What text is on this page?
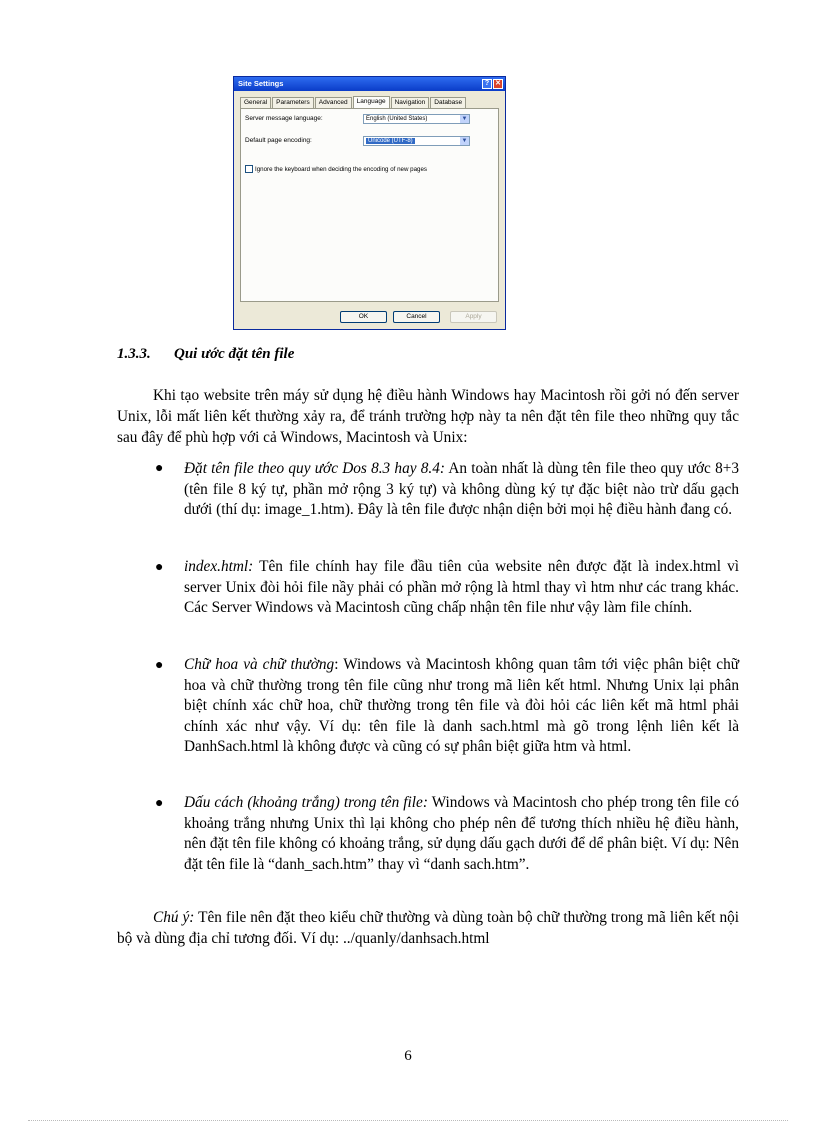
Site Settings	? ✕
General	Parameters	Advanced	Language	Navigation	Database
Server message language:	English (United States)	▼
Default page encoding:	Unicode (UTF-8)	▼
Ignore the keyboard when deciding the encoding of new pages
OK	Cancel	Apply
1.3.3. Qui ước đặt tên file

Khi tạo website trên máy sử dụng hệ điều hành Windows hay Macintosh rồi gởi nó đến server Unix, lỗi mất liên kết thường xảy ra, để tránh trường hợp này ta nên đặt tên file theo những quy tắc sau đây để phù hợp với cả Windows, Macintosh và Unix:

● Đặt tên file theo quy ước Dos 8.3 hay 8.4: An toàn nhất là dùng tên file theo quy ước 8+3 (tên file 8 ký tự, phần mở rộng 3 ký tự) và không dùng ký tự đặc biệt nào trừ dấu gạch dưới (thí dụ: image_1.htm). Đây là tên file được nhận diện bởi mọi hệ điều hành đang có.

● index.html: Tên file chính hay file đầu tiên của website nên được đặt là index.html vì server Unix đòi hỏi file nầy phải có phần mở rộng là html thay vì htm như các trang khác. Các Server Windows và Macintosh cũng chấp nhận tên file như vậy làm file chính.

● Chữ hoa và chữ thường: Windows và Macintosh không quan tâm tới việc phân biệt chữ hoa và chữ thường trong tên file cũng như trong mã liên kết html. Nhưng Unix lại phân biệt chính xác chữ hoa, chữ thường trong tên file và đòi hỏi các liên kết mã html phải chính xác như vậy. Ví dụ: tên file là danh sach.html mà gõ trong lệnh liên kết là DanhSach.html là không được và cũng có sự phân biệt giữa htm và html.

● Dấu cách (khoảng trắng) trong tên file: Windows và Macintosh cho phép trong tên file có khoảng trắng nhưng Unix thì lại không cho phép nên để tương thích nhiều hệ điều hành, nên đặt tên file không có khoảng trắng, sử dụng dấu gạch dưới để dể phân biệt. Ví dụ: Nên đặt tên file là “danh_sach.htm” thay vì “danh sach.htm”.

Chú ý: Tên file nên đặt theo kiểu chữ thường và dùng toàn bộ chữ thường trong mã liên kết nội bộ và dùng địa chỉ tương đối. Ví dụ: ../quanly/danhsach.html

6
